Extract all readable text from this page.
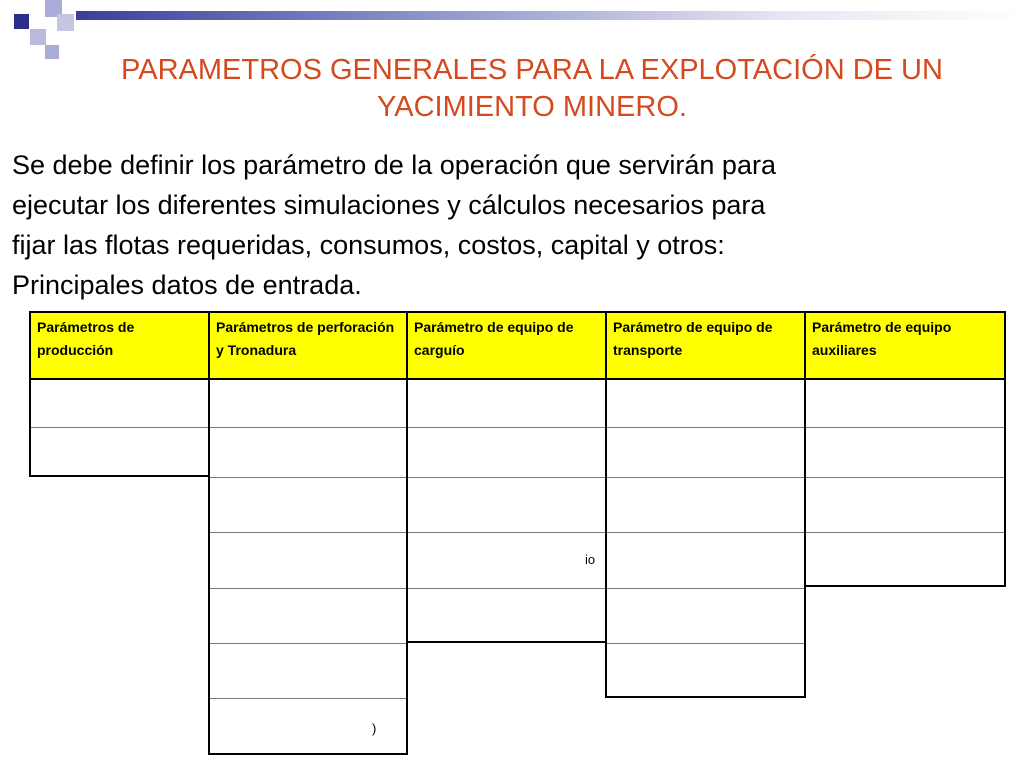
PARAMETROS GENERALES PARA LA EXPLOTACIÓN DE UN YACIMIENTO MINERO.
Se debe definir los parámetro de la operación que servirán para
ejecutar los diferentes simulaciones y cálculos necesarios para
fijar las flotas requeridas, consumos, costos, capital y otros:
Principales datos de entrada.
Parámetros de producción
Parámetros de perforación y Tronadura
Parámetro de equipo de carguío
Parámetro de equipo de transporte
Parámetro de equipo auxiliares
io
)
